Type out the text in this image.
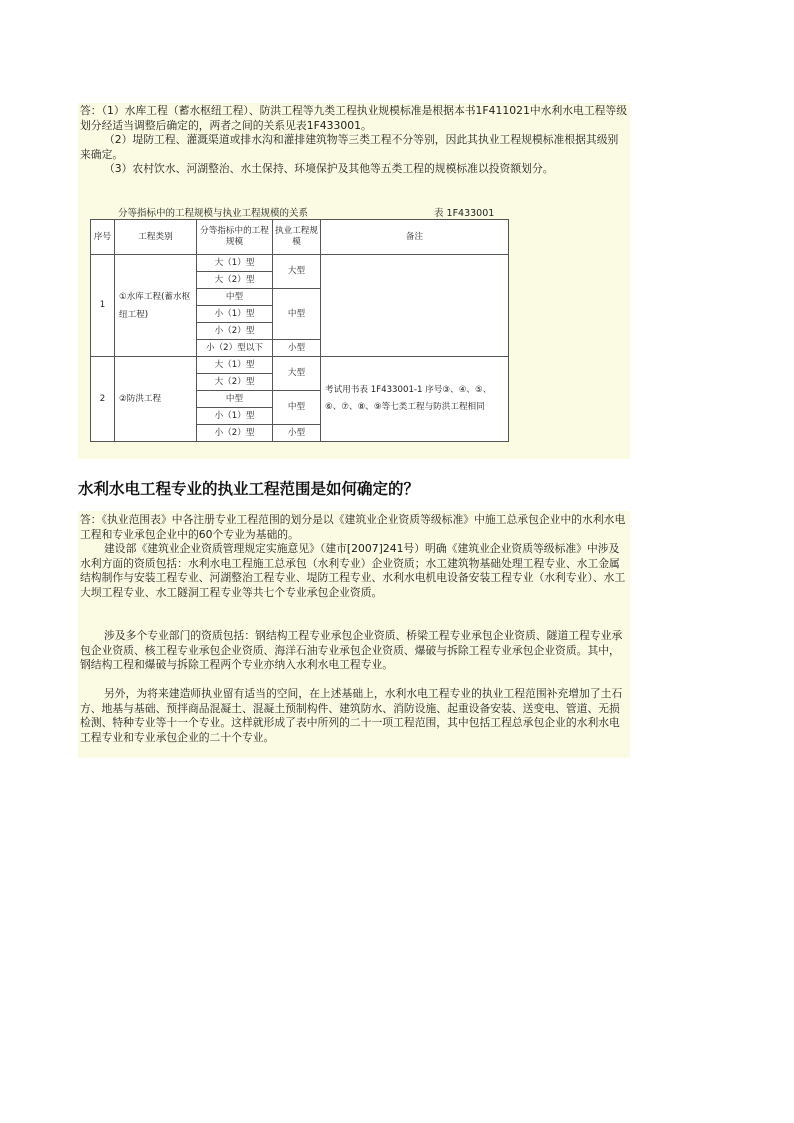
答：（1）水库工程（蓄水枢纽工程）、防洪工程等九类工程执业规模标准是根据本书1F411021中水利水电工程等级划分经适当调整后确定的，两者之间的关系见表1F433001。

（2）堤防工程、灌溉渠道或排水沟和灌排建筑物等三类工程不分等别，因此其执业工程规模标准根据其级别来确定。

（3）农村饮水、河湖整治、水土保持、环境保护及其他等五类工程的规模标准以投资额划分。

分等指标中的工程规模与执业工程规模的关系	表 1F433001
序号	工程类别	分等指标中的工程规模	执业工程规模	备注
1	①水库工程(蓄水枢纽工程)	大（1）型	大型	
		大（2）型		
		中型	中型	
		小（1）型		
		小（2）型		
		小（2）型以下	小型	
2	②防洪工程	大（1）型	大型	考试用书表 1F433001-1 序号③、④、⑤、⑥、⑦、⑧、⑨等七类工程与防洪工程相同
		大（2）型		
		中型	中型	
		小（1）型		
		小（2）型	小型	
水利水电工程专业的执业工程范围是如何确定的？

答：《执业范围表》中各注册专业工程范围的划分是以《建筑业企业资质等级标准》中施工总承包企业中的水利水电工程和专业承包企业中的60个专业为基础的。

建设部《建筑业企业资质管理规定实施意见》（建市[2007]241号）明确《建筑业企业资质等级标准》中涉及水利方面的资质包括：水利水电工程施工总承包（水利专业）企业资质；水工建筑物基础处理工程专业、水工金属结构制作与安装工程专业、河湖整治工程专业、堤防工程专业、水利水电机电设备安装工程专业（水利专业）、水工大坝工程专业、水工隧洞工程专业等共七个专业承包企业资质。

涉及多个专业部门的资质包括：钢结构工程专业承包企业资质、桥梁工程专业承包企业资质、隧道工程专业承包企业资质、核工程专业承包企业资质、海洋石油专业承包企业资质、爆破与拆除工程专业承包企业资质。其中，钢结构工程和爆破与拆除工程两个专业亦纳入水利水电工程专业。

另外，为将来建造师执业留有适当的空间，在上述基础上，水利水电工程专业的执业工程范围补充增加了土石方、地基与基础、预拌商品混凝土、混凝土预制构件、建筑防水、消防设施、起重设备安装、送变电、管道、无损检测、特种专业等十一个专业。这样就形成了表中所列的二十一项工程范围，其中包括工程总承包企业的水利水电工程专业和专业承包企业的二十个专业。
